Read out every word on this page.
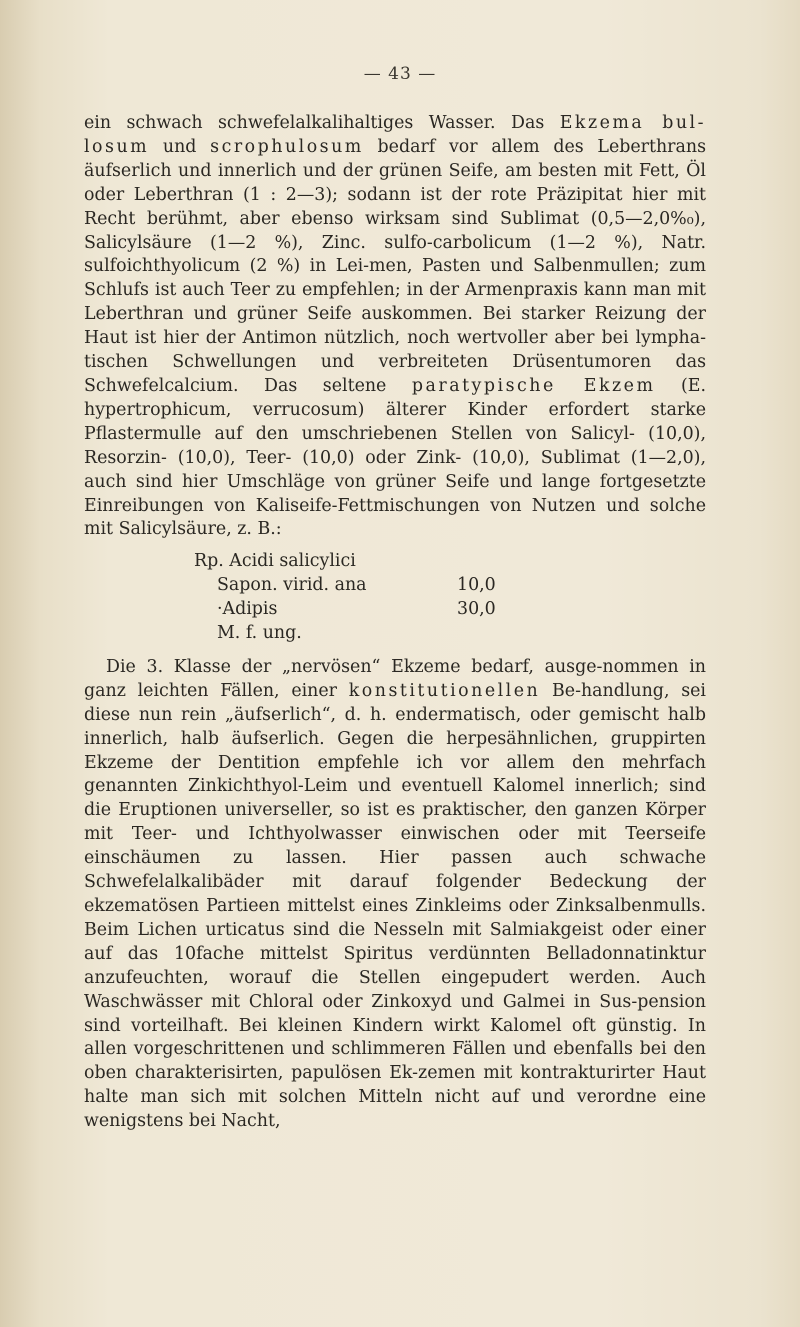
— 43 —

ein schwach schwefelalkalihaltiges Wasser. Das Ekzema bul-losum und scrophulosum bedarf vor allem des Leberthrans äufserlich und innerlich und der grünen Seife, am besten mit Fett, Öl oder Leberthran (1 : 2—3); sodann ist der rote Präzipitat hier mit Recht berühmt, aber ebenso wirksam sind Sublimat (0,5—2,0%₀), Salicylsäure (1—2 %), Zinc. sulfo-carbolicum (1—2 %), Natr. sulfoichthyolicum (2 %) in Lei-men, Pasten und Salbenmullen; zum Schlufs ist auch Teer zu empfehlen; in der Armenpraxis kann man mit Leberthran und grüner Seife auskommen. Bei starker Reizung der Haut ist hier der Antimon nützlich, noch wertvoller aber bei lympha-tischen Schwellungen und verbreiteten Drüsentumoren das Schwefelcalcium. Das seltene paratypische Ekzem (E. hypertrophicum, verrucosum) älterer Kinder erfordert starke Pflastermulle auf den umschriebenen Stellen von Salicyl- (10,0), Resorzin- (10,0), Teer- (10,0) oder Zink- (10,0), Sublimat (1—2,0), auch sind hier Umschläge von grüner Seife und lange fortgesetzte Einreibungen von Kaliseife-Fettmischungen von Nutzen und solche mit Salicylsäure, z. B.:

Rp. Acidi salicylici
Sapon. virid. ana	10,0
·Adipis	30,0
M. f. ung.

Die 3. Klasse der „nervösen“ Ekzeme bedarf, ausge-nommen in ganz leichten Fällen, einer konstitutionellen Be-handlung, sei diese nun rein „äufserlich“, d. h. endermatisch, oder gemischt halb innerlich, halb äufserlich. Gegen die herpesähnlichen, gruppirten Ekzeme der Dentition empfehle ich vor allem den mehrfach genannten Zinkichthyol-Leim und eventuell Kalomel innerlich; sind die Eruptionen universeller, so ist es praktischer, den ganzen Körper mit Teer- und Ichthyolwasser einwischen oder mit Teerseife einschäumen zu lassen. Hier passen auch schwache Schwefelalkalibäder mit darauf folgender Bedeckung der ekzematösen Partieen mittelst eines Zinkleims oder Zinksalbenmulls. Beim Lichen urticatus sind die Nesseln mit Salmiakgeist oder einer auf das 10fache mittelst Spiritus verdünnten Belladonnatinktur anzufeuchten, worauf die Stellen eingepudert werden. Auch Waschwässer mit Chloral oder Zinkoxyd und Galmei in Sus-pension sind vorteilhaft. Bei kleinen Kindern wirkt Kalomel oft günstig. In allen vorgeschrittenen und schlimmeren Fällen und ebenfalls bei den oben charakterisirten, papulösen Ek-zemen mit kontrakturirter Haut halte man sich mit solchen Mitteln nicht auf und verordne eine wenigstens bei Nacht,
